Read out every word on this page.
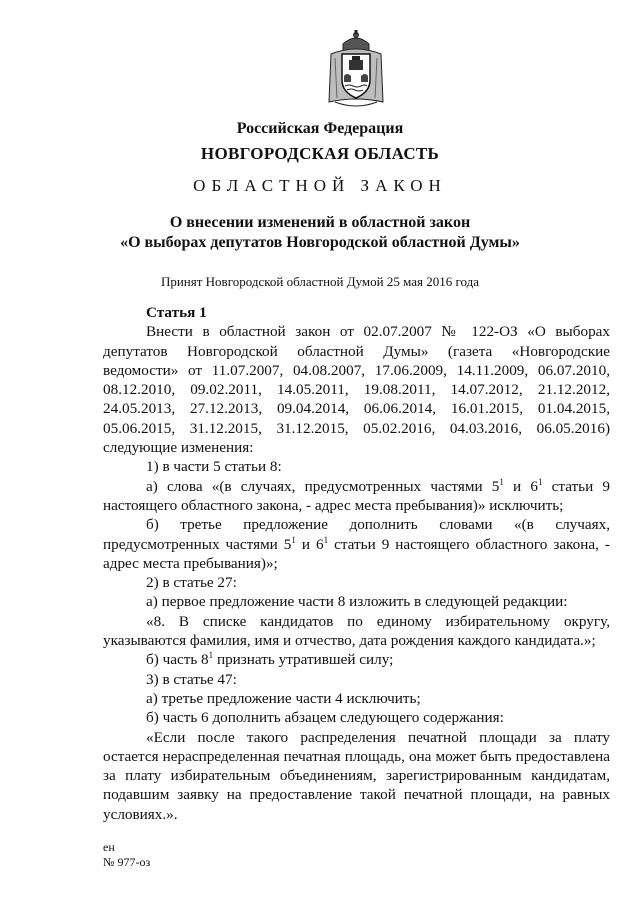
Российская Федерация
НОВГОРОДСКАЯ ОБЛАСТЬ
ОБЛАСТНОЙ ЗАКОН
О внесении изменений в областной закон
«О выборах депутатов Новгородской областной Думы»
Принят Новгородской областной Думой 25 мая 2016 года

Статья 1

Внести в областной закон от 02.07.2007 № 122-ОЗ «О выборах депутатов Новгородской областной Думы» (газета «Новгородские ведомости» от 11.07.2007, 04.08.2007, 17.06.2009, 14.11.2009, 06.07.2010, 08.12.2010, 09.02.2011, 14.05.2011, 19.08.2011, 14.07.2012, 21.12.2012, 24.05.2013, 27.12.2013, 09.04.2014, 06.06.2014, 16.01.2015, 01.04.2015, 05.06.2015, 31.12.2015, 31.12.2015, 05.02.2016, 04.03.2016, 06.05.2016) следующие изменения:

1) в части 5 статьи 8:

а) слова «(в случаях, предусмотренных частями $5^1$ и $6^1$ статьи 9 настоящего областного закона, - адрес места пребывания)» исключить;

б) третье предложение дополнить словами «(в случаях, предусмотренных частями $5^1$ и $6^1$ статьи 9 настоящего областного закона, - адрес места пребывания)»;

2) в статье 27:

а) первое предложение части 8 изложить в следующей редакции:

«8. В списке кандидатов по единому избирательному округу, указываются фамилия, имя и отчество, дата рождения каждого кандидата.»;

б) часть $8^1$ признать утратившей силу;

3) в статье 47:

а) третье предложение части 4 исключить;

б) часть 6 дополнить абзацем следующего содержания:

«Если после такого распределения печатной площади за плату остается нераспределенная печатная площадь, она может быть предоставлена за плату избирательным объединениям, зарегистрированным кандидатам, подавшим заявку на предоставление такой печатной площади, на равных условиях.».

ен
№ 977-оз
